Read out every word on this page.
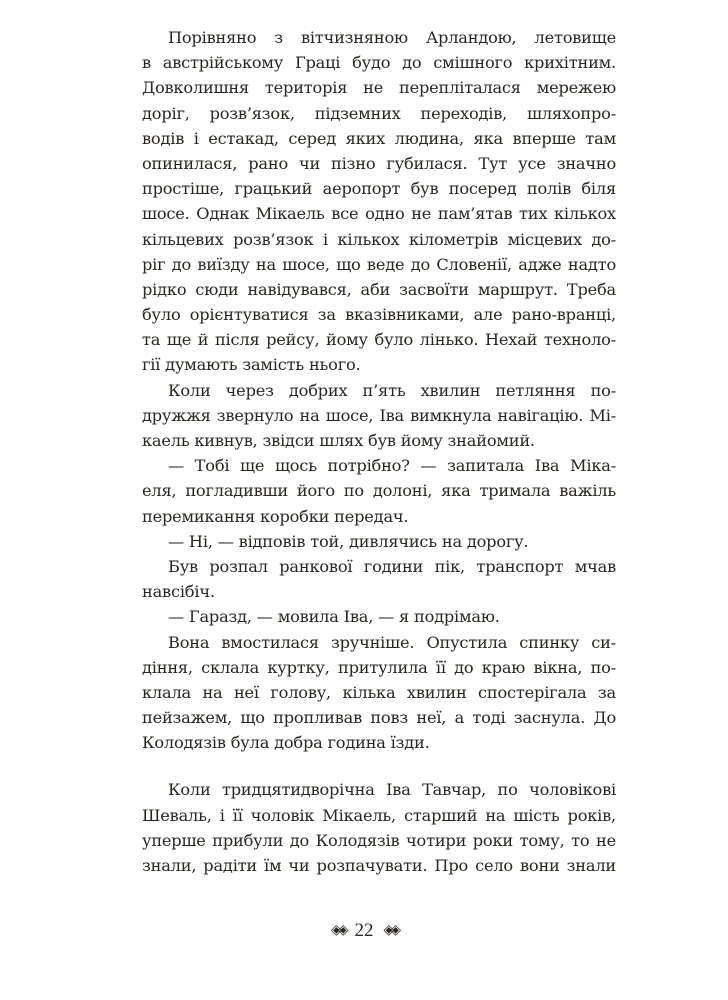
Порівняно з вітчизняною Арландою, летовище
в австрійському Граці будо до смішного крихітним.
Довколишня територія не перепліталася мережею
доріг, розв’язок, підземних переходів, шляхопро-
водів і естакад, серед яких людина, яка вперше там
опинилася, рано чи пізно губилася. Тут усе значно
простіше, грацький аеропорт був посеред полів біля
шосе. Однак Мікаель все одно не пам’ятав тих кількох
кільцевих розв’язок і кількох кілометрів місцевих до-
ріг до виїзду на шосе, що веде до Словенії, адже надто
рідко сюди навідувався, аби засвоїти маршрут. Треба
було орієнтуватися за вказівниками, але рано-вранці,
та ще й після рейсу, йому було лінько. Нехай техноло-
гії думають замість нього.
Коли через добрих п’ять хвилин петляння по-
дружжя звернуло на шосе, Іва вимкнула навігацію. Мі-
каель кивнув, звідси шлях був йому знайомий.
— Тобі ще щось потрібно? — запитала Іва Міка-
еля, погладивши його по долоні, яка тримала важіль
перемикання коробки передач.
— Ні, — відповів той, дивлячись на дорогу.
Був розпал ранкової години пік, транспорт мчав
навсібіч.
— Гаразд, — мовила Іва, — я подрімаю.
Вона вмостилася зручніше. Опустила спинку си-
діння, склала куртку, притулила її до краю вікна, по-
клала на неї голову, кілька хвилин спостерігала за
пейзажем, що пропливав повз неї, а тоді заснула. До
Колодязів була добра година їзди.
Коли тридцятидворічна Іва Тавчар, по чоловікові
Шеваль, і її чоловік Мікаель, старший на шість років,
уперше прибули до Колодязів чотири роки тому, то не
знали, радіти їм чи розпачувати. Про село вони знали
◈◈ 22 ◈◈
